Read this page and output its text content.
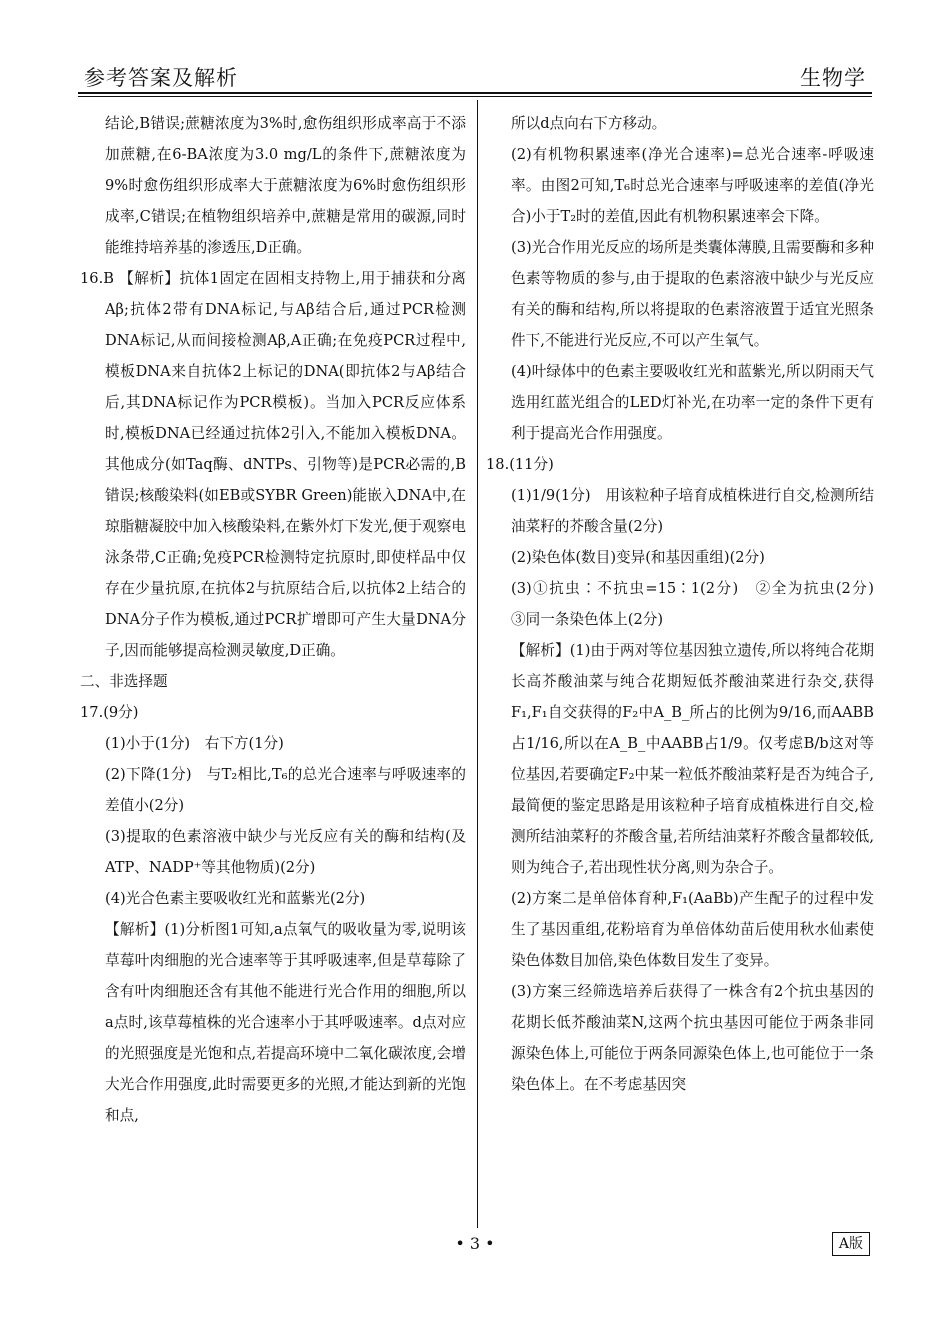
参考答案及解析	生物学

结论,B错误;蔗糖浓度为3%时,愈伤组织形成率高于不添加蔗糖,在6-BA浓度为3.0 mg/L的条件下,蔗糖浓度为9%时愈伤组织形成率大于蔗糖浓度为6%时愈伤组织形成率,C错误;在植物组织培养中,蔗糖是常用的碳源,同时能维持培养基的渗透压,D正确。

16.B 【解析】抗体1固定在固相支持物上,用于捕获和分离Aβ;抗体2带有DNA标记,与Aβ结合后,通过PCR检测DNA标记,从而间接检测Aβ,A正确;在免疫PCR过程中,模板DNA来自抗体2上标记的DNA(即抗体2与Aβ结合后,其DNA标记作为PCR模板)。当加入PCR反应体系时,模板DNA已经通过抗体2引入,不能加入模板DNA。其他成分(如Taq酶、dNTPs、引物等)是PCR必需的,B错误;核酸染料(如EB或SYBR Green)能嵌入DNA中,在琼脂糖凝胶中加入核酸染料,在紫外灯下发光,便于观察电泳条带,C正确;免疫PCR检测特定抗原时,即使样品中仅存在少量抗原,在抗体2与抗原结合后,以抗体2上结合的DNA分子作为模板,通过PCR扩增即可产生大量DNA分子,因而能够提高检测灵敏度,D正确。

二、非选择题

17.(9分)

(1)小于(1分)　右下方(1分)

(2)下降(1分)　与T₂相比,T₆的总光合速率与呼吸速率的差值小(2分)

(3)提取的色素溶液中缺少与光反应有关的酶和结构(及ATP、NADP⁺等其他物质)(2分)

(4)光合色素主要吸收红光和蓝紫光(2分)

【解析】(1)分析图1可知,a点氧气的吸收量为零,说明该草莓叶肉细胞的光合速率等于其呼吸速率,但是草莓除了含有叶肉细胞还含有其他不能进行光合作用的细胞,所以a点时,该草莓植株的光合速率小于其呼吸速率。d点对应的光照强度是光饱和点,若提高环境中二氧化碳浓度,会增大光合作用强度,此时需要更多的光照,才能达到新的光饱和点,

所以d点向右下方移动。

(2)有机物积累速率(净光合速率)=总光合速率-呼吸速率。由图2可知,T₆时总光合速率与呼吸速率的差值(净光合)小于T₂时的差值,因此有机物积累速率会下降。

(3)光合作用光反应的场所是类囊体薄膜,且需要酶和多种色素等物质的参与,由于提取的色素溶液中缺少与光反应有关的酶和结构,所以将提取的色素溶液置于适宜光照条件下,不能进行光反应,不可以产生氧气。

(4)叶绿体中的色素主要吸收红光和蓝紫光,所以阴雨天气选用红蓝光组合的LED灯补光,在功率一定的条件下更有利于提高光合作用强度。

18.(11分)

(1)1/9(1分)　用该粒种子培育成植株进行自交,检测所结油菜籽的芥酸含量(2分)

(2)染色体(数目)变异(和基因重组)(2分)

(3)①抗虫∶不抗虫=15∶1(2分)　②全为抗虫(2分)　③同一条染色体上(2分)

【解析】(1)由于两对等位基因独立遗传,所以将纯合花期长高芥酸油菜与纯合花期短低芥酸油菜进行杂交,获得F₁,F₁自交获得的F₂中A_B_所占的比例为9/16,而AABB占1/16,所以在A_B_中AABB占1/9。仅考虑B/b这对等位基因,若要确定F₂中某一粒低芥酸油菜籽是否为纯合子,最简便的鉴定思路是用该粒种子培育成植株进行自交,检测所结油菜籽的芥酸含量,若所结油菜籽芥酸含量都较低,则为纯合子,若出现性状分离,则为杂合子。

(2)方案二是单倍体育种,F₁(AaBb)产生配子的过程中发生了基因重组,花粉培育为单倍体幼苗后使用秋水仙素使染色体数目加倍,染色体数目发生了变异。

(3)方案三经筛选培养后获得了一株含有2个抗虫基因的花期长低芥酸油菜N,这两个抗虫基因可能位于两条非同源染色体上,可能位于两条同源染色体上,也可能位于一条染色体上。在不考虑基因突

• 3 •	A版
